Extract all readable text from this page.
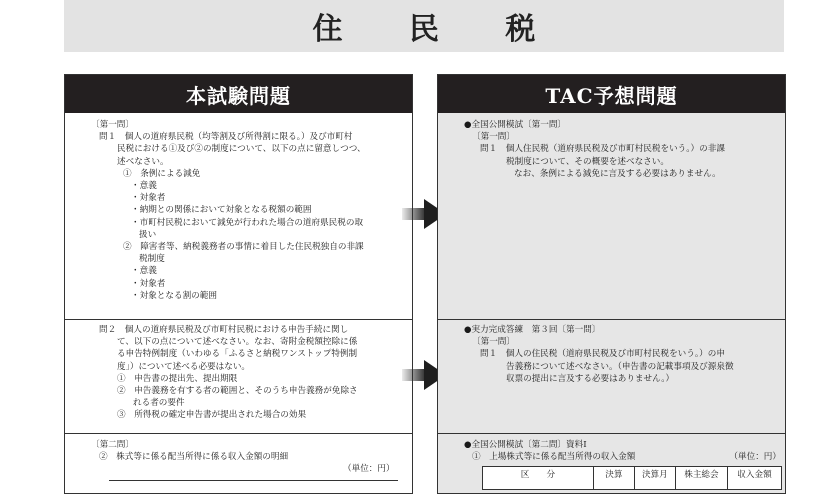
住 民 税
本試験問題

〔第一問〕

問１　個人の道府県民税（均等割及び所得割に限る。）及び市町村

民税における①及び②の制度について、以下の点に留意しつつ、

述べなさい。

①　条例による減免

・意義

・対象者

・納期との関係において対象となる税額の範囲

・市町村民税において減免が行われた場合の道府県民税の取

扱い

②　障害者等、納税義務者の事情に着目した住民税独自の非課

税制度

・意義

・対象者

・対象となる割の範囲

問２　個人の道府県民税及び市町村民税における申告手続に関し

て、以下の点について述べなさい。なお、寄附金税額控除に係

る申告特例制度（いわゆる「ふるさと納税ワンストップ特例制

度」）について述べる必要はない。

①　申告書の提出先、提出期限

②　申告義務を有する者の範囲と、そのうち申告義務が免除さ

れる者の要件

③　所得税の確定申告書が提出された場合の効果

〔第二問〕

②　株式等に係る配当所得に係る収入金額の明細

（単位：円）

TAC予想問題

●全国公開模試〔第一問〕

〔第一問〕

問１　個人住民税（道府県民税及び市町村民税をいう。）の非課

税制度について、その概要を述べなさい。

なお、条例による減免に言及する必要はありません。

●実力完成答練　第３回〔第一問〕

〔第一問〕

問１　個人の住民税（道府県民税及び市町村民税をいう。）の申

告義務について述べなさい。（申告書の記載事項及び源泉徴

収票の提出に言及する必要はありません。）

●全国公開模試〔第二問〕資料Ⅰ

①　上場株式等に係る配当所得の収入金額	（単位：円）

区　　分	決算	決算月	株主総会	収入金額
